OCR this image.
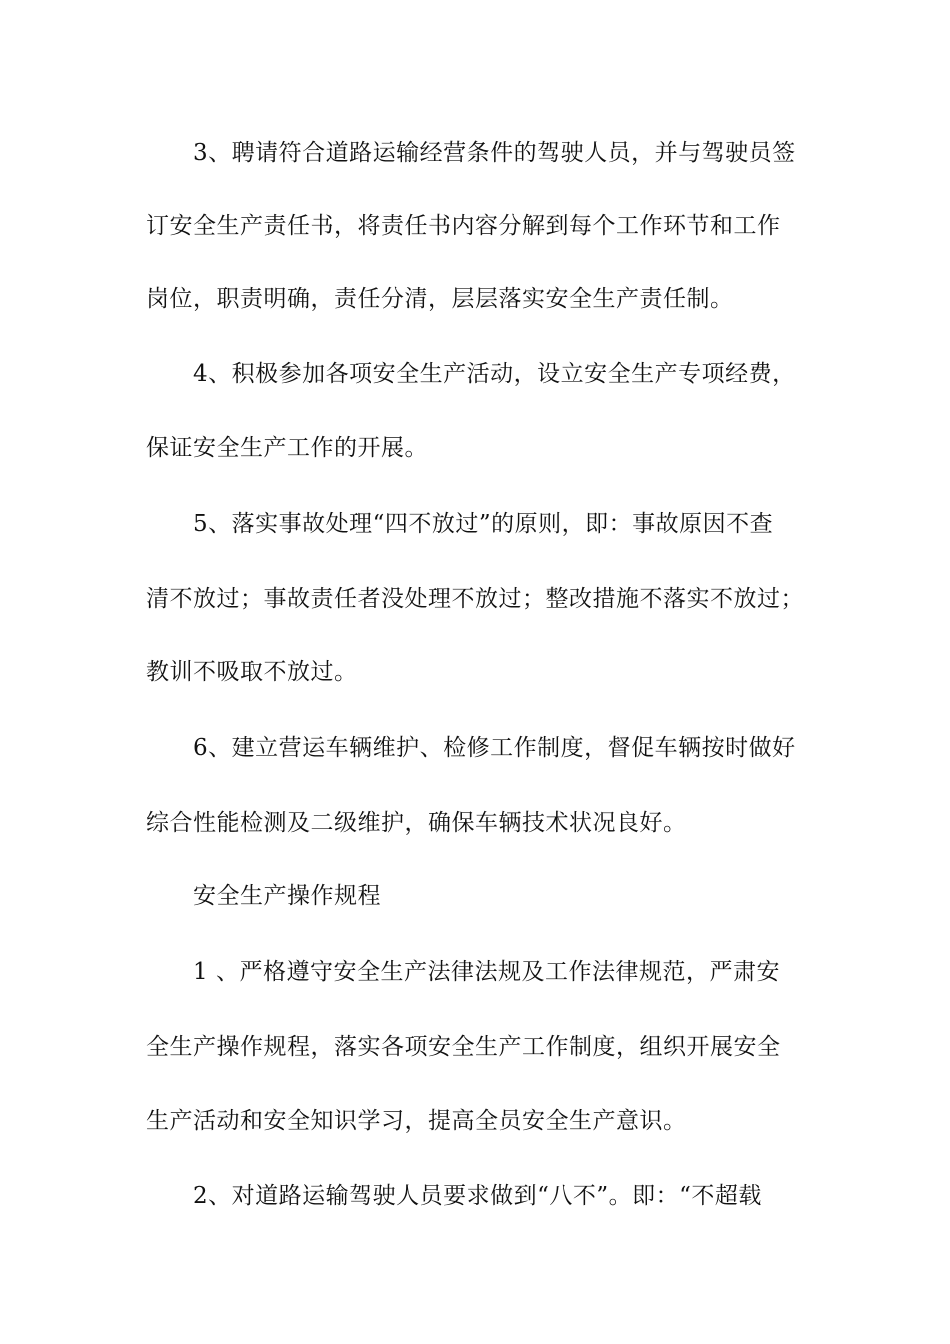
3、聘请符合道路运输经营条件的驾驶人员，并与驾驶员签

订安全生产责任书，将责任书内容分解到每个工作环节和工作

岗位，职责明确，责任分清，层层落实安全生产责任制。

4、积极参加各项安全生产活动，设立安全生产专项经费，

保证安全生产工作的开展。

5、落实事故处理“四不放过”的原则，即：事故原因不查

清不放过；事故责任者没处理不放过；整改措施不落实不放过；

教训不吸取不放过。

6、建立营运车辆维护、检修工作制度，督促车辆按时做好

综合性能检测及二级维护，确保车辆技术状况良好。

安全生产操作规程

1 、严格遵守安全生产法律法规及工作法律规范，严肃安

全生产操作规程，落实各项安全生产工作制度，组织开展安全

生产活动和安全知识学习，提高全员安全生产意识。

2、对道路运输驾驶人员要求做到“八不”。即：“不超载
